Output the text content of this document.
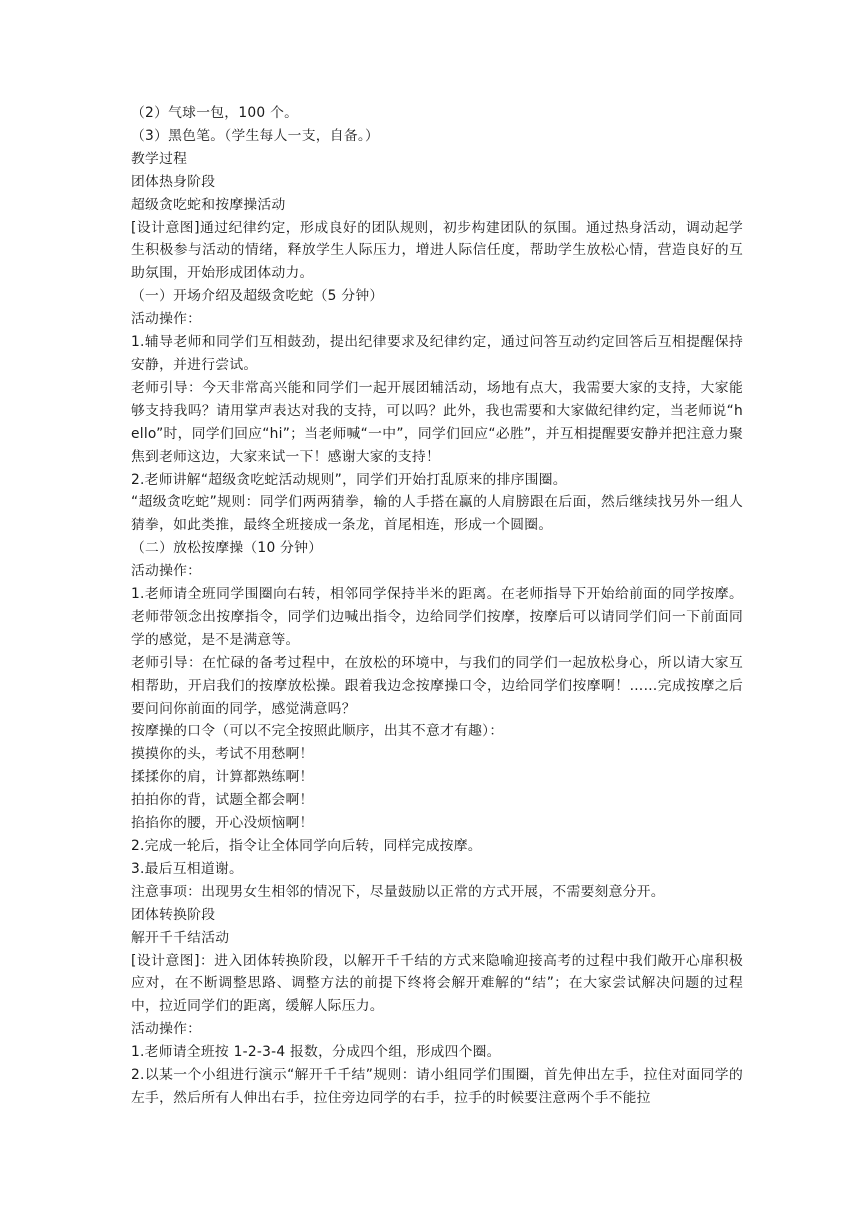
（2）气球一包，100 个。

（3）黑色笔。（学生每人一支，自备。）

教学过程

团体热身阶段

超级贪吃蛇和按摩操活动

[设计意图]通过纪律约定，形成良好的团队规则，初步构建团队的氛围。通过热身活动，调动起学生积极参与活动的情绪，释放学生人际压力，增进人际信任度，帮助学生放松心情，营造良好的互助氛围，开始形成团体动力。

（一）开场介绍及超级贪吃蛇（5 分钟）

活动操作：

1.辅导老师和同学们互相鼓劲，提出纪律要求及纪律约定，通过问答互动约定回答后互相提醒保持安静，并进行尝试。

老师引导：今天非常高兴能和同学们一起开展团辅活动，场地有点大，我需要大家的支持，大家能够支持我吗？请用掌声表达对我的支持，可以吗？此外，我也需要和大家做纪律约定，当老师说“hello”时，同学们回应“hi”；当老师喊“一中”，同学们回应“必胜”，并互相提醒要安静并把注意力聚焦到老师这边，大家来试一下！感谢大家的支持！

2.老师讲解“超级贪吃蛇活动规则”，同学们开始打乱原来的排序围圈。

“超级贪吃蛇”规则：同学们两两猜拳，输的人手搭在赢的人肩膀跟在后面，然后继续找另外一组人猜拳，如此类推，最终全班接成一条龙，首尾相连，形成一个圆圈。

（二）放松按摩操（10 分钟）

活动操作：

1.老师请全班同学围圈向右转，相邻同学保持半米的距离。在老师指导下开始给前面的同学按摩。老师带领念出按摩指令，同学们边喊出指令，边给同学们按摩，按摩后可以请同学们问一下前面同学的感觉，是不是满意等。

老师引导：在忙碌的备考过程中，在放松的环境中，与我们的同学们一起放松身心，所以请大家互相帮助，开启我们的按摩放松操。跟着我边念按摩操口令，边给同学们按摩啊！……完成按摩之后要问问你前面的同学，感觉满意吗？

按摩操的口令（可以不完全按照此顺序，出其不意才有趣）：

摸摸你的头，考试不用愁啊！

揉揉你的肩，计算都熟练啊！

拍拍你的背，试题全都会啊！

掐掐你的腰，开心没烦恼啊！

2.完成一轮后，指令让全体同学向后转，同样完成按摩。

3.最后互相道谢。

注意事项：出现男女生相邻的情况下，尽量鼓励以正常的方式开展，不需要刻意分开。

团体转换阶段

解开千千结活动

[设计意图]：进入团体转换阶段，以解开千千结的方式来隐喻迎接高考的过程中我们敞开心扉积极应对，在不断调整思路、调整方法的前提下终将会解开难解的“结”；在大家尝试解决问题的过程中，拉近同学们的距离，缓解人际压力。

活动操作：

1.老师请全班按 1-2-3-4 报数，分成四个组，形成四个圈。

2.以某一个小组进行演示“解开千千结”规则：请小组同学们围圈，首先伸出左手，拉住对面同学的左手，然后所有人伸出右手，拉住旁边同学的右手，拉手的时候要注意两个手不能拉
